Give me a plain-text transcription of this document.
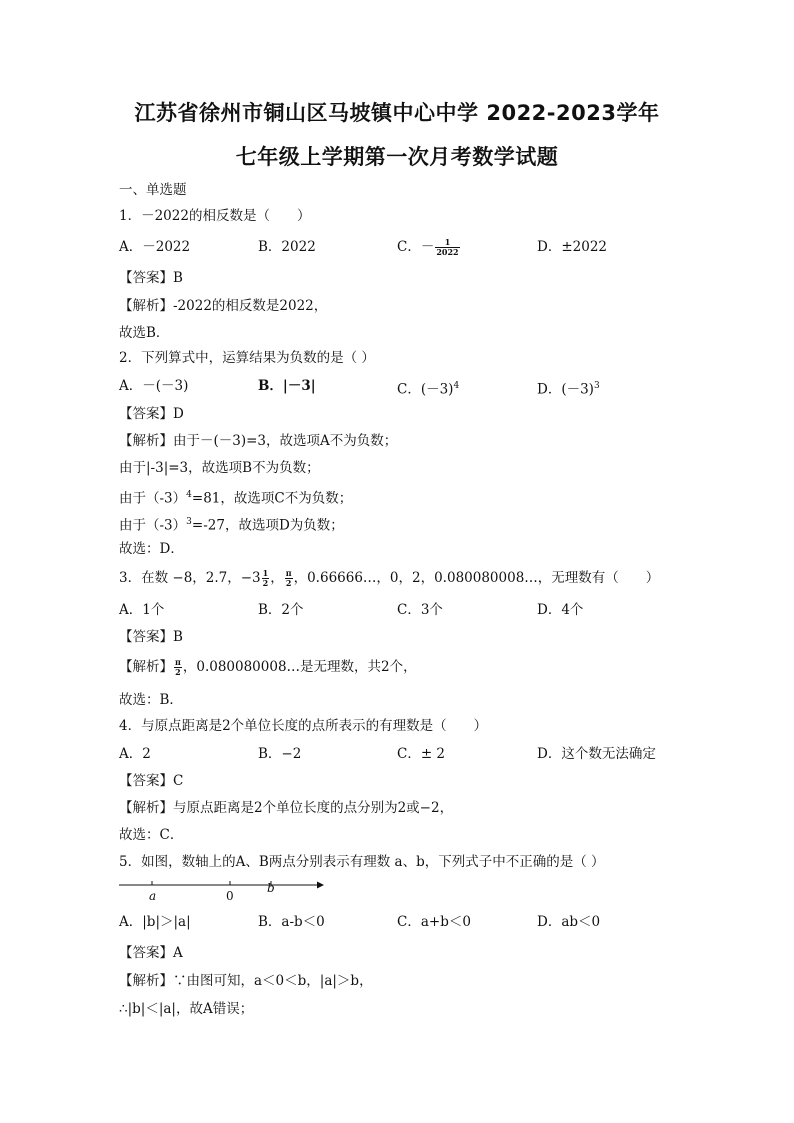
江苏省徐州市铜山区马坡镇中心中学 2022-2023学年
七年级上学期第一次月考数学试题
一、单选题
1．－2022的相反数是（　　）
A．－2022	B．2022	C．－ $\frac{1}{2022}$	D．±2022
【答案】B
【解析】-2022的相反数是2022，
故选B．
2．下列算式中，运算结果为负数的是（ ）
A．－(－3)	B．|－3|	C．$(-3)^4$	D．$(-3)^3$
【答案】D
【解析】由于－(－3)=3，故选项A不为负数；
由于|-3|=3，故选项B不为负数；
由于$(-3)^4=81$，故选项C不为负数；
由于$(-3)^3=-27$，故选项D为负数；
故选：D．
3．在数 −8，2.7，$-3 \frac{1}{2}$ ， $\frac{\pi}{2}$ ，0.66666…，0，2，0.080080008…，无理数有（　　）
A．1个	B．2个	C．3个	D．4个
【答案】B
【解析】 $\frac{\pi}{2}$ ，0.080080008…是无理数，共2个，
故选：B．
4．与原点距离是2个单位长度的点所表示的有理数是（　　）
A．2	B．−2	C．± 2	D．这个数无法确定
【答案】C
【解析】与原点距离是2个单位长度的点分别为2或−2，
故选：C．
5．如图，数轴上的A、B两点分别表示有理数 a、b，下列式子中不正确的是（ ）
a	0
b
A．|b|＞|a|	B．a-b＜0	C．a+b＜0	D．ab＜0
【答案】A
【解析】∵由图可知，a＜0＜b，|a|＞b，
∴|b|＜|a|，故A错误；
